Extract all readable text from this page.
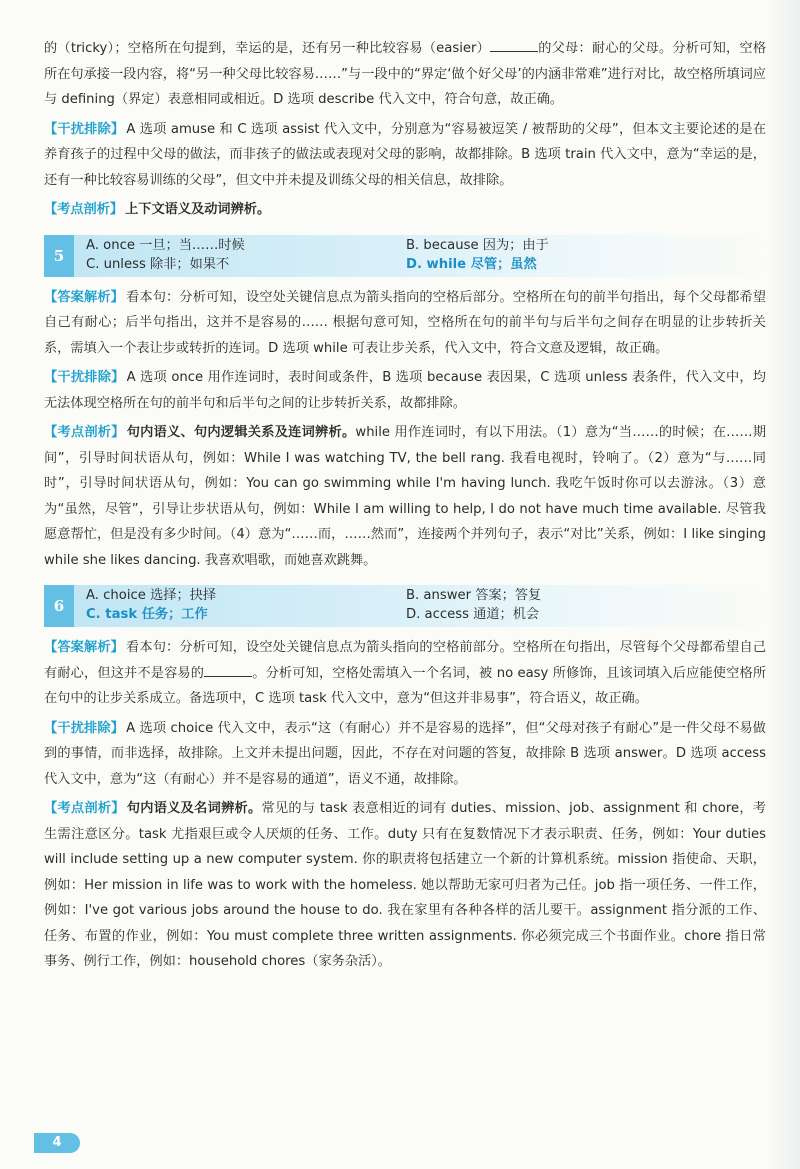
的（tricky）；空格所在句提到，幸运的是，还有另一种比较容易（easier）	的父母：耐心的父母。分析可知，空格所在句承接一段内容，将“另一种父母比较容易……”与一段中的“界定‘做个好父母’的内涵非常难”进行对比，故空格所填词应与 defining（界定）表意相同或相近。D 选项 describe 代入文中，符合句意，故正确。

【干扰排除】 A 选项 amuse 和 C 选项 assist 代入文中，分别意为“容易被逗笑 / 被帮助的父母”，但本文主要论述的是在养育孩子的过程中父母的做法，而非孩子的做法或表现对父母的影响，故都排除。B 选项 train 代入文中，意为“幸运的是，还有一种比较容易训练的父母”，但文中并未提及训练父母的相关信息，故排除。

【考点剖析】 上下文语义及动词辨析。

5
A. once 一旦；当……时候	B. because 因为；由于
C. unless 除非；如果不	D. while 尽管；虽然

【答案解析】 看本句：分析可知，设空处关键信息点为箭头指向的空格后部分。空格所在句的前半句指出，每个父母都希望自己有耐心；后半句指出，这并不是容易的…… 根据句意可知，空格所在句的前半句与后半句之间存在明显的让步转折关系，需填入一个表让步或转折的连词。D 选项 while 可表让步关系，代入文中，符合文意及逻辑，故正确。

【干扰排除】 A 选项 once 用作连词时，表时间或条件，B 选项 because 表因果，C 选项 unless 表条件，代入文中，均无法体现空格所在句的前半句和后半句之间的让步转折关系，故都排除。

【考点剖析】 句内语义、句内逻辑关系及连词辨析。while 用作连词时，有以下用法。（1）意为“当……的时候；在……期间”，引导时间状语从句，例如：While I was watching TV, the bell rang. 我看电视时，铃响了。（2）意为“与……同时”，引导时间状语从句，例如：You can go swimming while I'm having lunch. 我吃午饭时你可以去游泳。（3）意为“虽然，尽管”，引导让步状语从句，例如：While I am willing to help, I do not have much time available. 尽管我愿意帮忙，但是没有多少时间。（4）意为“……而，……然而”，连接两个并列句子，表示“对比”关系，例如：I like singing while she likes dancing. 我喜欢唱歌，而她喜欢跳舞。

6
A. choice 选择；抉择	B. answer 答案；答复
C. task 任务；工作	D. access 通道；机会

【答案解析】 看本句：分析可知，设空处关键信息点为箭头指向的空格前部分。空格所在句指出，尽管每个父母都希望自己有耐心，但这并不是容易的	。分析可知，空格处需填入一个名词，被 no easy 所修饰，且该词填入后应能使空格所在句中的让步关系成立。备选项中，C 选项 task 代入文中，意为“但这并非易事”，符合语义，故正确。

【干扰排除】 A 选项 choice 代入文中，表示“这（有耐心）并不是容易的选择”，但“父母对孩子有耐心”是一件父母不易做到的事情，而非选择，故排除。上文并未提出问题，因此，不存在对问题的答复，故排除 B 选项 answer。D 选项 access 代入文中，意为“这（有耐心）并不是容易的通道”，语义不通，故排除。

【考点剖析】 句内语义及名词辨析。常见的与 task 表意相近的词有 duties、mission、job、assignment 和 chore，考生需注意区分。task 尤指艰巨或令人厌烦的任务、工作。duty 只有在复数情况下才表示职责、任务，例如：Your duties will include setting up a new computer system. 你的职责将包括建立一个新的计算机系统。mission 指使命、天职，例如：Her mission in life was to work with the homeless. 她以帮助无家可归者为己任。job 指一项任务、一件工作，例如：I've got various jobs around the house to do. 我在家里有各种各样的活儿要干。assignment 指分派的工作、任务、布置的作业，例如：You must complete three written assignments. 你必须完成三个书面作业。chore 指日常事务、例行工作，例如：household chores（家务杂活）。

4
